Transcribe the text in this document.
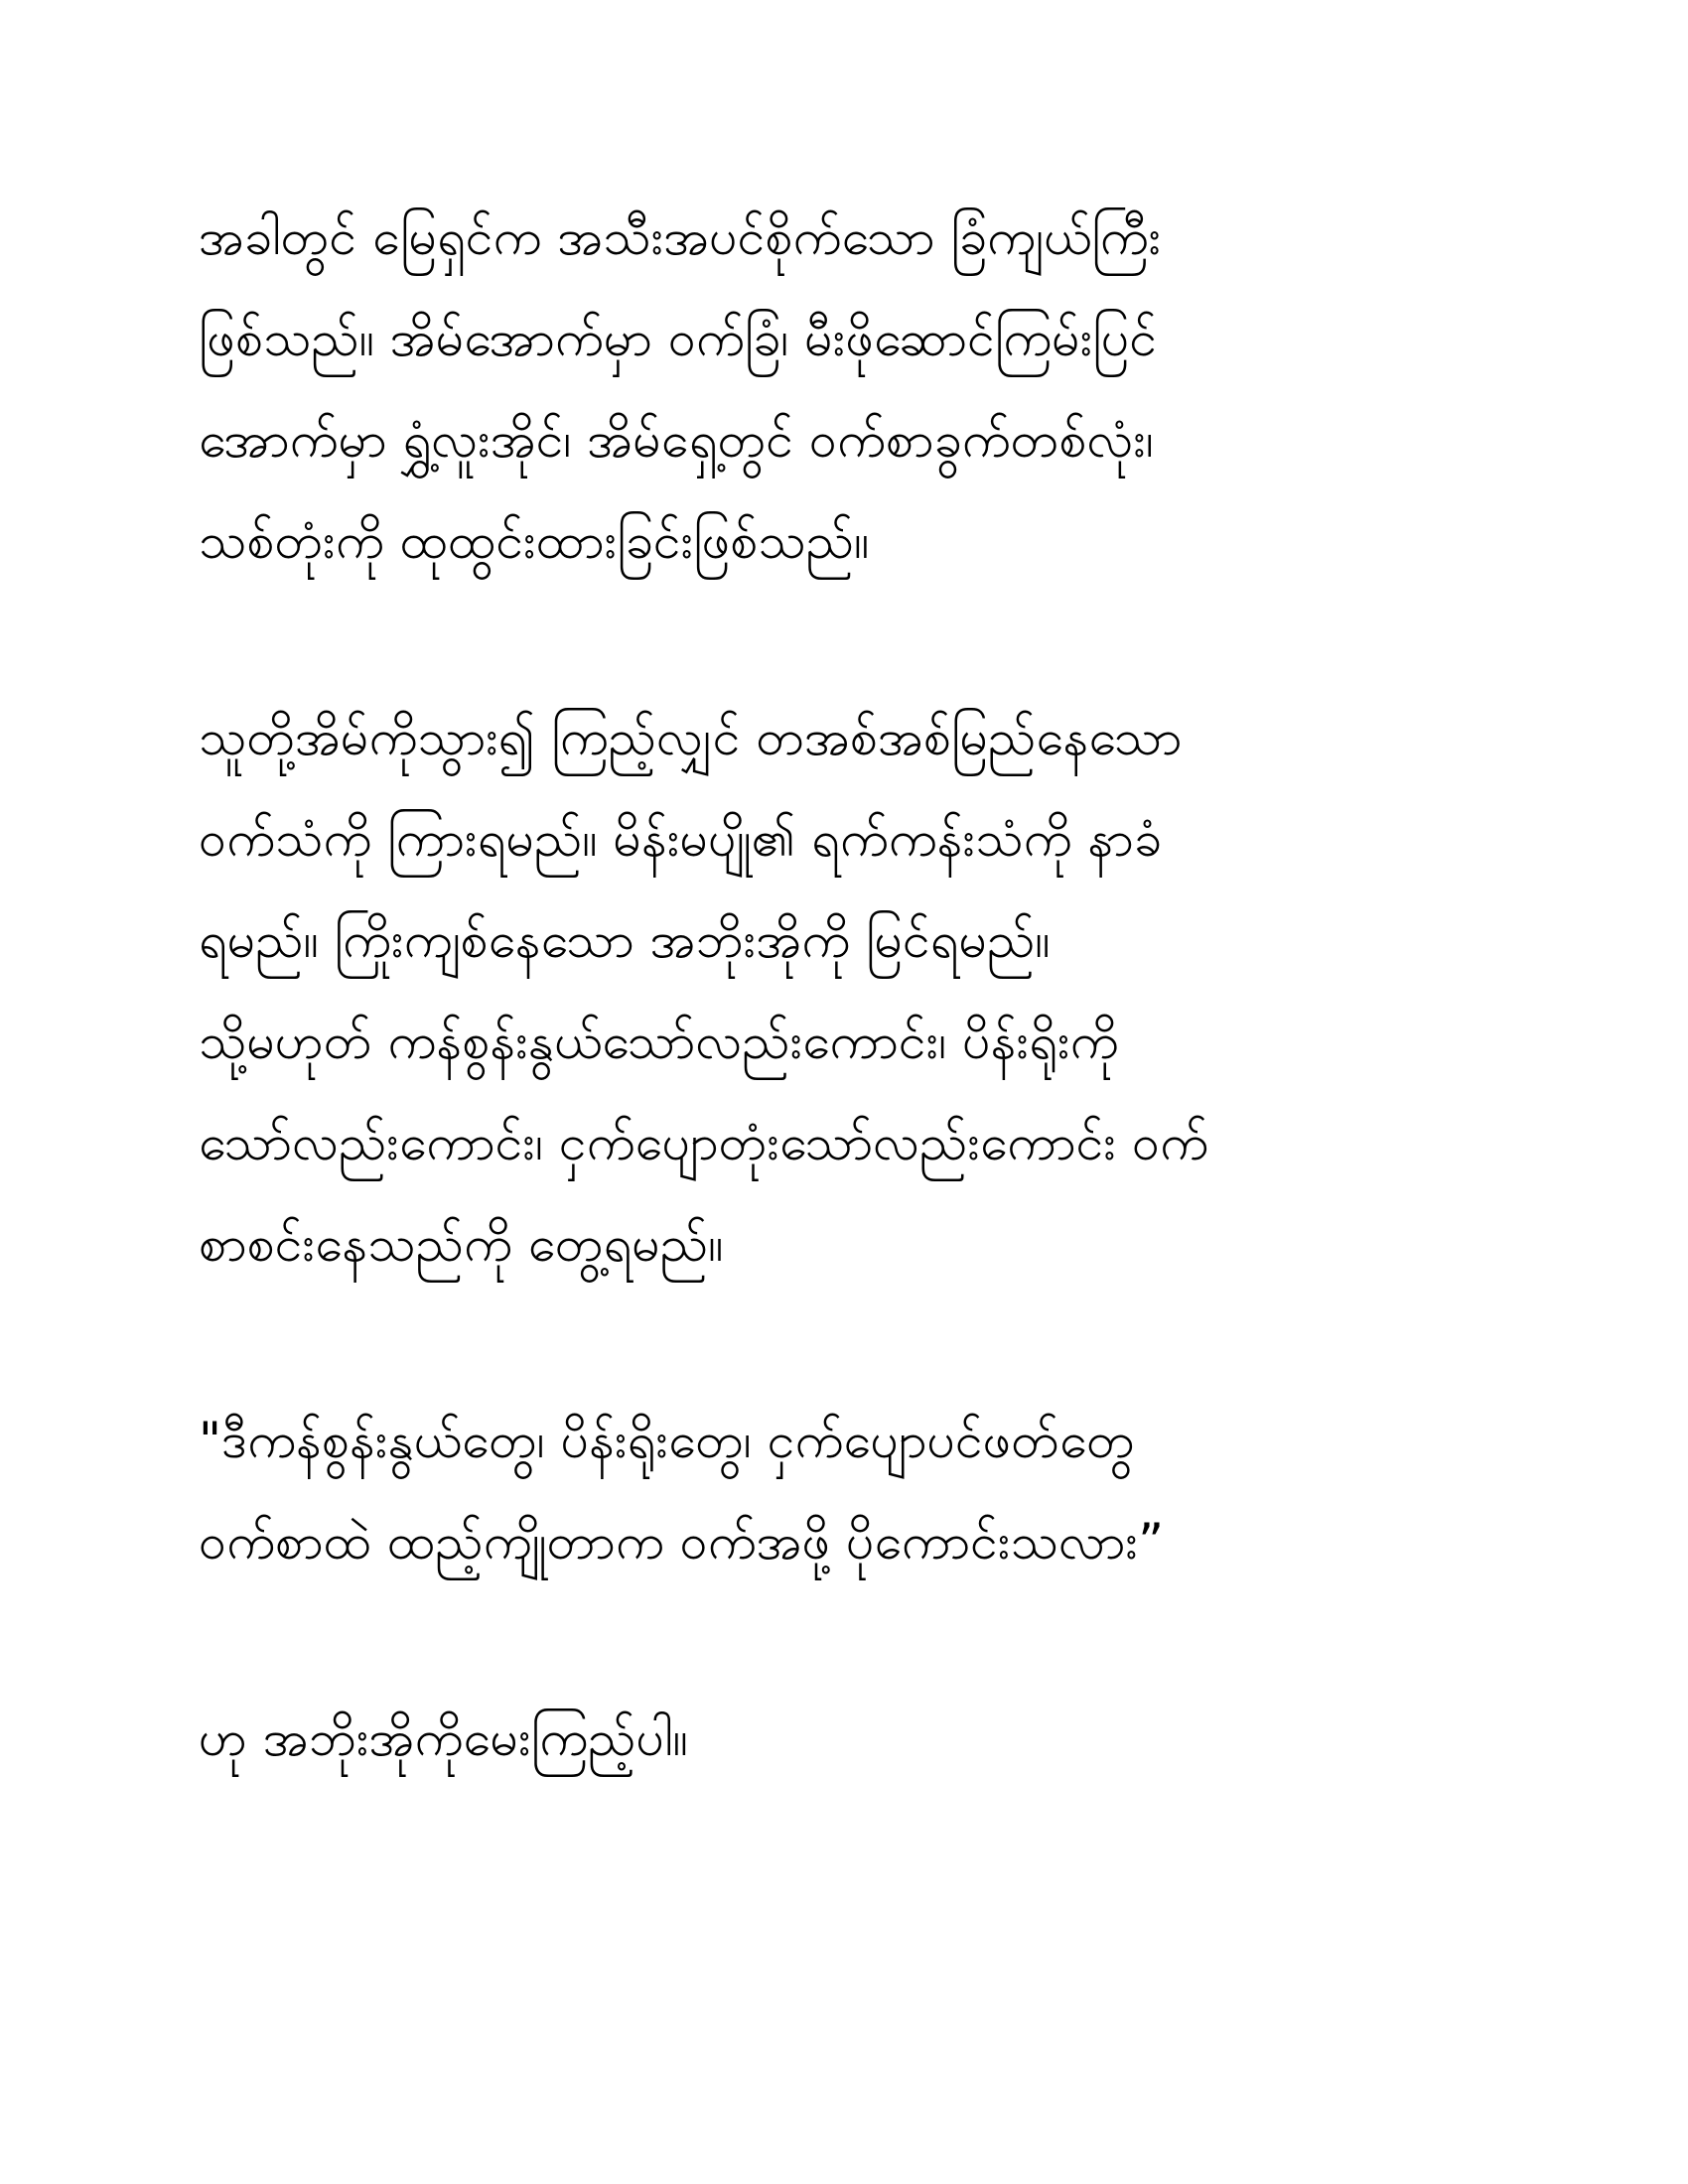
အခါတွင် မြေရှင်က အသီးအပင်စိုက်သော ခြံကျယ်ကြီး
ဖြစ်သည်။ အိမ်အောက်မှာ ဝက်ခြံ၊ မီးဖိုဆောင်ကြမ်းပြင်
အောက်မှာ ရွှံ့လူးအိုင်၊ အိမ်ရှေ့တွင် ဝက်စာခွက်တစ်လုံး၊
သစ်တုံးကို ထုထွင်းထားခြင်းဖြစ်သည်။
သူတို့အိမ်ကိုသွား၍ ကြည့်လျှင် တအစ်အစ်မြည်နေသော
ဝက်သံကို ကြားရမည်။ မိန်းမပျို၏ ရက်ကန်းသံကို နာခံ
ရမည်။ ကြိုးကျစ်နေသော အဘိုးအိုကို မြင်ရမည်။
သို့မဟုတ် ကန်စွန်းနွယ်သော်လည်းကောင်း၊ ပိန်းရိုးကို
သော်လည်းကောင်း၊ ငှက်ပျောတုံးသော်လည်းကောင်း ဝက်
စာစင်းနေသည်ကို တွေ့ရမည်။
"ဒီကန်စွန်းနွယ်တွေ၊ ပိန်းရိုးတွေ၊ ငှက်ပျောပင်ဖတ်တွေ
ဝက်စာထဲ ထည့်ကျိုတာက ဝက်အဖို့ ပိုကောင်းသလား”
ဟု အဘိုးအိုကိုမေးကြည့်ပါ။
